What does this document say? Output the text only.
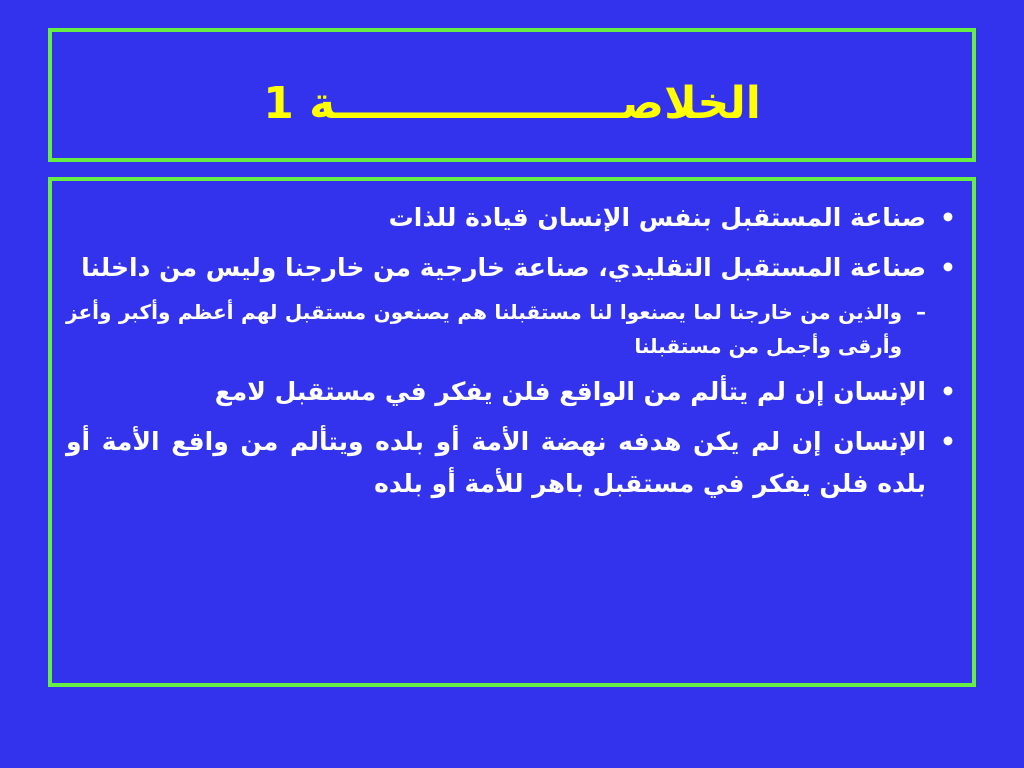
الخلاصـــــــــــــــــــة 1
•
صناعة المستقبل بنفس الإنسان قيادة للذات
•
صناعة المستقبل التقليدي، صناعة خارجية من خارجنا وليس من داخلنا
–
والذين من خارجنا لما يصنعوا لنا مستقبلنا هم يصنعون مستقبل لهم أعظم وأكبر وأعز وأرقى وأجمل من مستقبلنا
•
الإنسان إن لم يتألم من الواقع فلن يفكر في مستقبل لامع
•
الإنسان إن لم يكن هدفه نهضة الأمة أو بلده ويتألم من واقع الأمة أو بلده فلن يفكر في مستقبل باهر للأمة أو بلده
